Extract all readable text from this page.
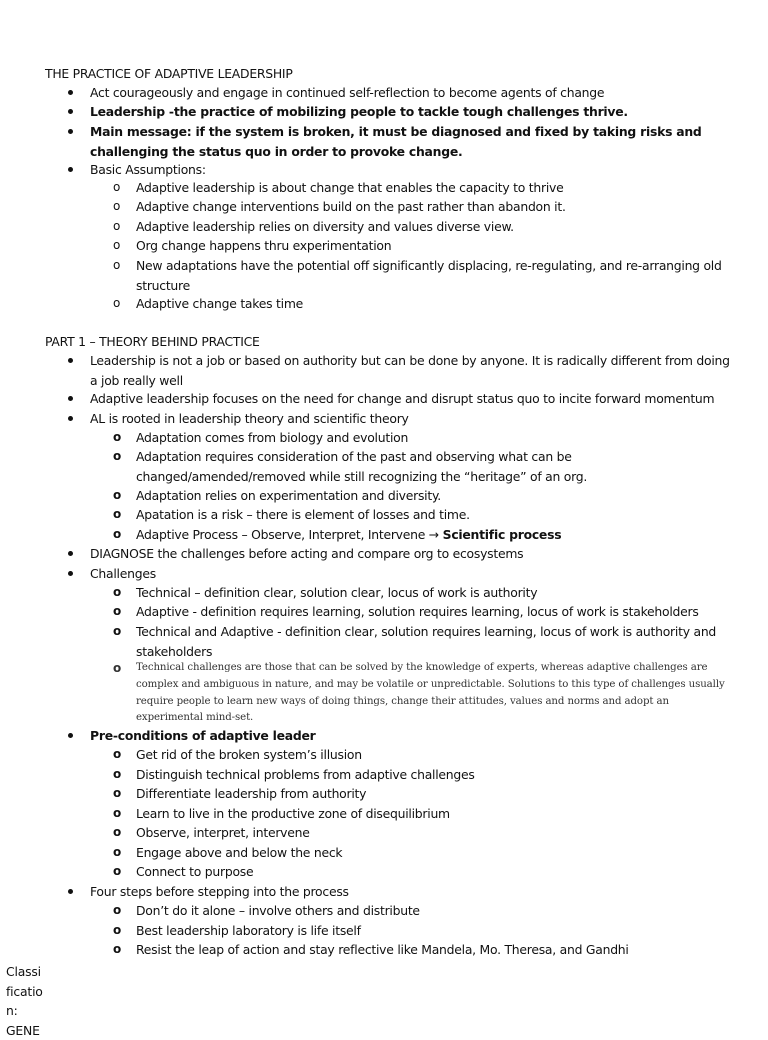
THE PRACTICE OF ADAPTIVE LEADERSHIP
Act courageously and engage in continued self-reflection to become agents of change
Leadership -the practice of mobilizing people to tackle tough challenges thrive.
Main message: if the system is broken, it must be diagnosed and fixed by taking risks and challenging the status quo in order to provoke change.
Basic Assumptions:
o Adaptive leadership is about change that enables the capacity to thrive
o Adaptive change interventions build on the past rather than abandon it.
o Adaptive leadership relies on diversity and values diverse view.
o Org change happens thru experimentation
o New adaptations have the potential off significantly displacing, re-regulating, and re-arranging old structure
o Adaptive change takes time
PART 1 – THEORY BEHIND PRACTICE
Leadership is not a job or based on authority but can be done by anyone. It is radically different from doing a job really well
Adaptive leadership focuses on the need for change and disrupt status quo to incite forward momentum
AL is rooted in leadership theory and scientific theory
o Adaptation comes from biology and evolution
o Adaptation requires consideration of the past and observing what can be changed/amended/removed while still recognizing the “heritage” of an org.
o Adaptation relies on experimentation and diversity.
o Apatation is a risk – there is element of losses and time.
o Adaptive Process – Observe, Interpret, Intervene → Scientific process
DIAGNOSE the challenges before acting and compare org to ecosystems
Challenges
o Technical – definition clear, solution clear, locus of work is authority
o Adaptive - definition requires learning, solution requires learning, locus of work is stakeholders
o Technical and Adaptive - definition clear, solution requires learning, locus of work is authority and stakeholders
o Technical challenges are those that can be solved by the knowledge of experts, whereas adaptive challenges are complex and ambiguous in nature, and may be volatile or unpredictable. Solutions to this type of challenges usually require people to learn new ways of doing things, change their attitudes, values and norms and adopt an experimental mind-set.
Pre-conditions of adaptive leader
o Get rid of the broken system’s illusion
o Distinguish technical problems from adaptive challenges
o Differentiate leadership from authority
o Learn to live in the productive zone of disequilibrium
o Observe, interpret, intervene
o Engage above and below the neck
o Connect to purpose
Four steps before stepping into the process
o Don’t do it alone – involve others and distribute
o Best leadership laboratory is life itself
o Resist the leap of action and stay reflective like Mandela, Mo. Theresa, and Gandhi
Classi
ficatio
n:
GENE
